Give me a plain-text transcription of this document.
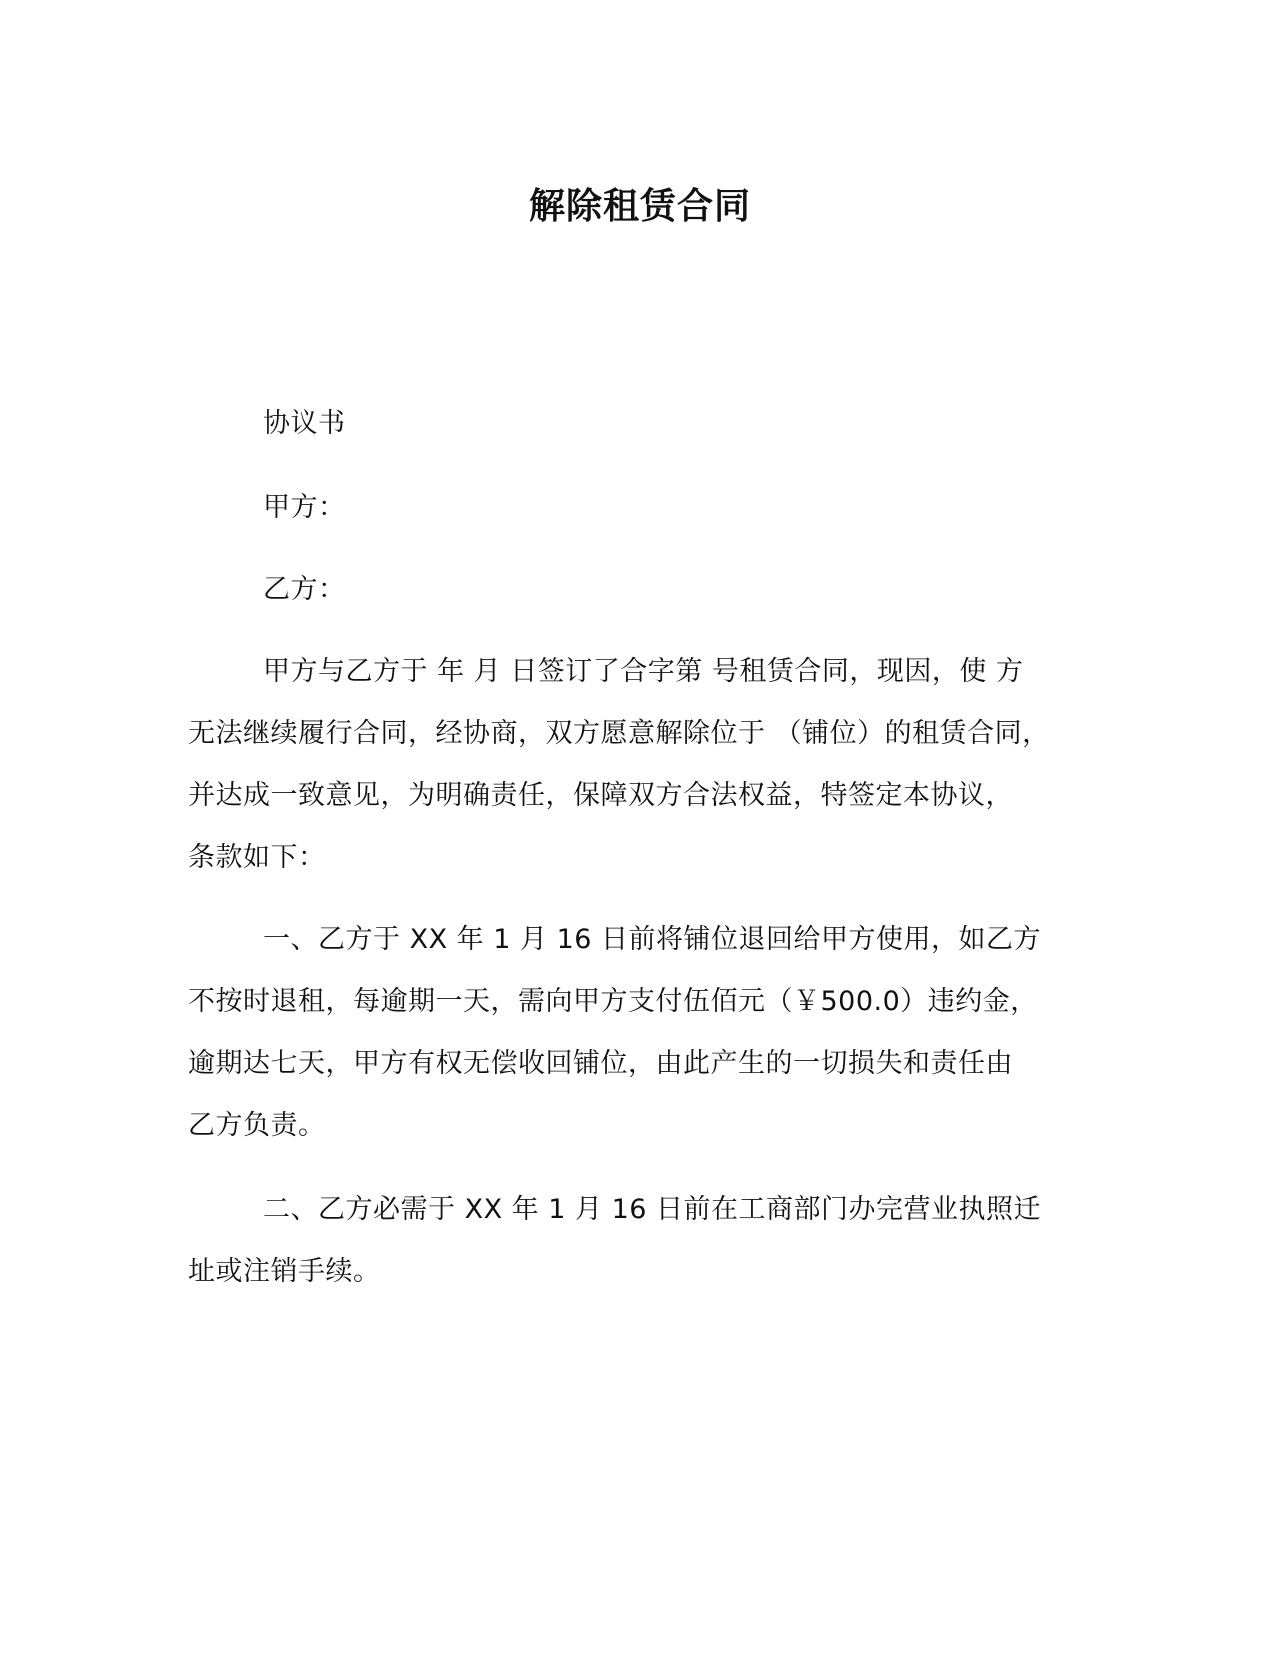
解除租赁合同
协议书
甲方：
乙方：
甲方与乙方于 年 月 日签订了合字第 号租赁合同，现因，使 方
无法继续履行合同，经协商，双方愿意解除位于 （铺位）的租赁合同，
并达成一致意见，为明确责任，保障双方合法权益，特签定本协议，
条款如下：
一、乙方于 XX 年 1 月 16 日前将铺位退回给甲方使用，如乙方
不按时退租，每逾期一天，需向甲方支付伍佰元（￥500.0）违约金，
逾期达七天，甲方有权无偿收回铺位，由此产生的一切损失和责任由
乙方负责。
二、乙方必需于 XX 年 1 月 16 日前在工商部门办完营业执照迁
址或注销手续。
